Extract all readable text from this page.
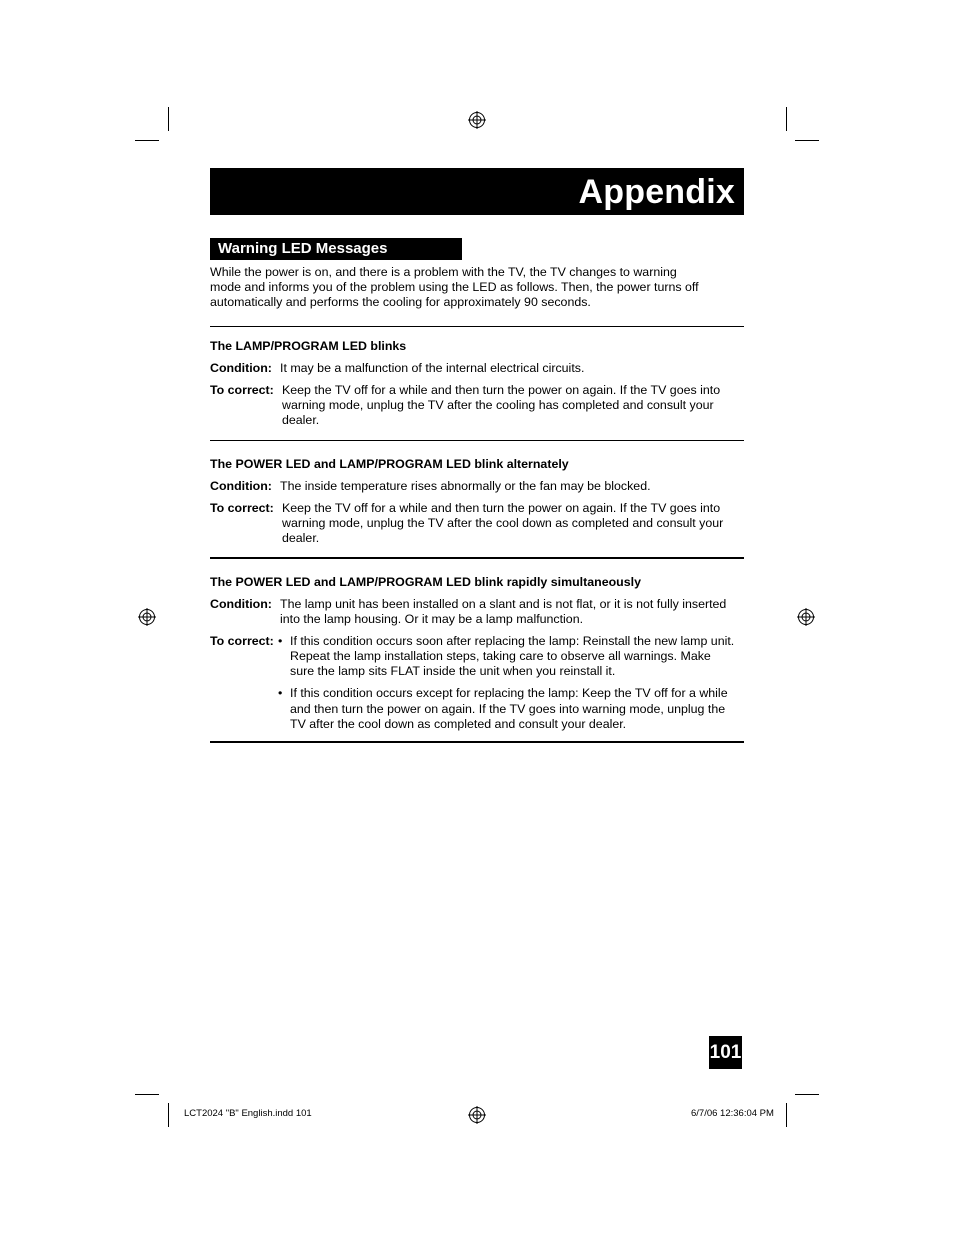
Appendix
Warning LED Messages
While the power is on, and there is a problem with the TV, the TV changes to warning
mode and informs you of the problem using the LED as follows. Then, the power turns off
automatically and performs the cooling for approximately 90 seconds.
The LAMP/PROGRAM LED blinks
Condition: It may be a malfunction of the internal electrical circuits.
To correct: Keep the TV off for a while and then turn the power on again. If the TV goes into
warning mode, unplug the TV after the cooling has completed and consult your
dealer.
The POWER LED and LAMP/PROGRAM LED blink alternately
Condition: The inside temperature rises abnormally or the fan may be blocked.
To correct: Keep the TV off for a while and then turn the power on again. If the TV goes into
warning mode, unplug the TV after the cool down as completed and consult your
dealer.
The POWER LED and LAMP/PROGRAM LED blink rapidly simultaneously
Condition: The lamp unit has been installed on a slant and is not flat, or it is not fully inserted
into the lamp housing. Or it may be a lamp malfunction.
To correct: • If this condition occurs soon after replacing the lamp: Reinstall the new lamp unit.
Repeat the lamp installation steps, taking care to observe all warnings. Make
sure the lamp sits FLAT inside the unit when you reinstall it.
• If this condition occurs except for replacing the lamp: Keep the TV off for a while
and then turn the power on again. If the TV goes into warning mode, unplug the
TV after the cool down as completed and consult your dealer.
101
LCT2024 "B" English.indd 101	6/7/06 12:36:04 PM
